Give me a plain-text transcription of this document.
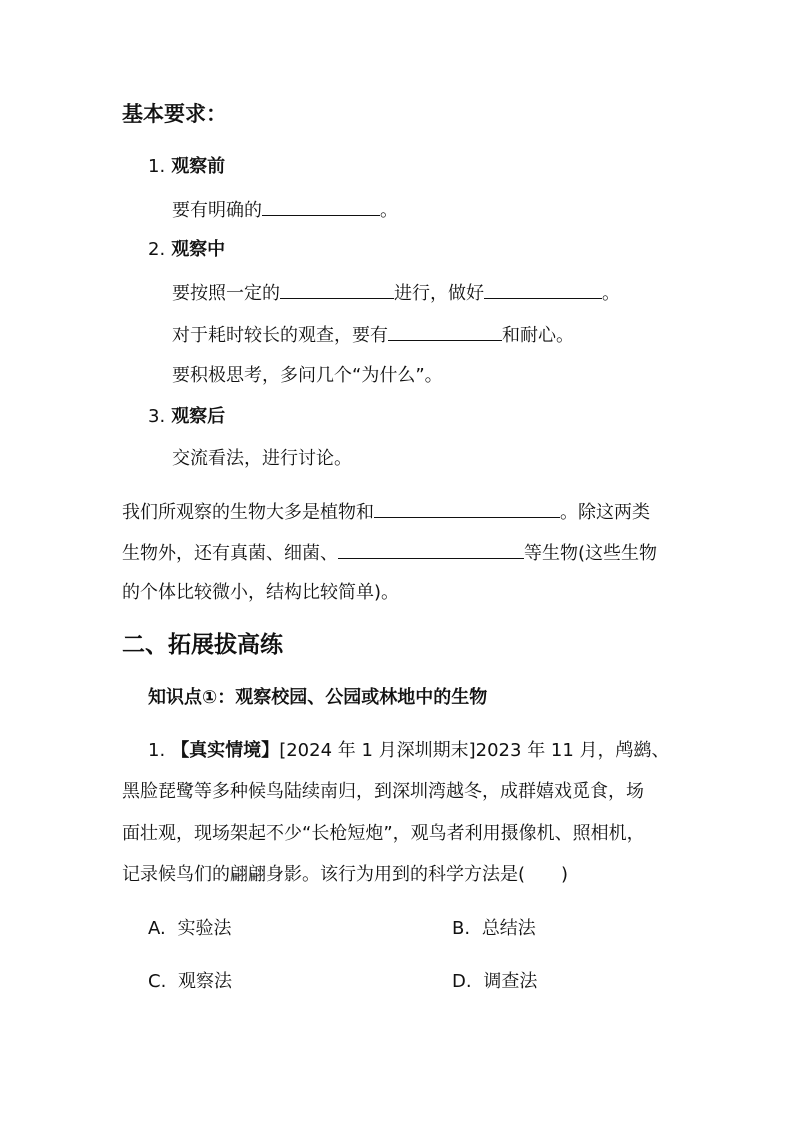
基本要求：
1. 观察前
要有明确的	。
2. 观察中
要按照一定的	进行，做好	。
对于耗时较长的观查，要有	和耐心。
要积极思考，多问几个“为什么”。
3. 观察后
交流看法，进行讨论。
我们所观察的生物大多是植物和	。除这两类
生物外，还有真菌、细菌、	等生物(这些生物
的个体比较微小，结构比较简单)。
二、拓展拔高练
知识点①：观察校园、公园或林地中的生物
1. 【真实情境】[2024 年 1 月深圳期末]2023 年 11 月，鸬鹚、
黑脸琵鹭等多种候鸟陆续南归，到深圳湾越冬，成群嬉戏觅食，场
面壮观，现场架起不少“长枪短炮”，观鸟者利用摄像机、照相机，
记录候鸟们的翩翩身影。该行为用到的科学方法是(　　)
A. 实验法	B. 总结法
C. 观察法	D. 调查法
